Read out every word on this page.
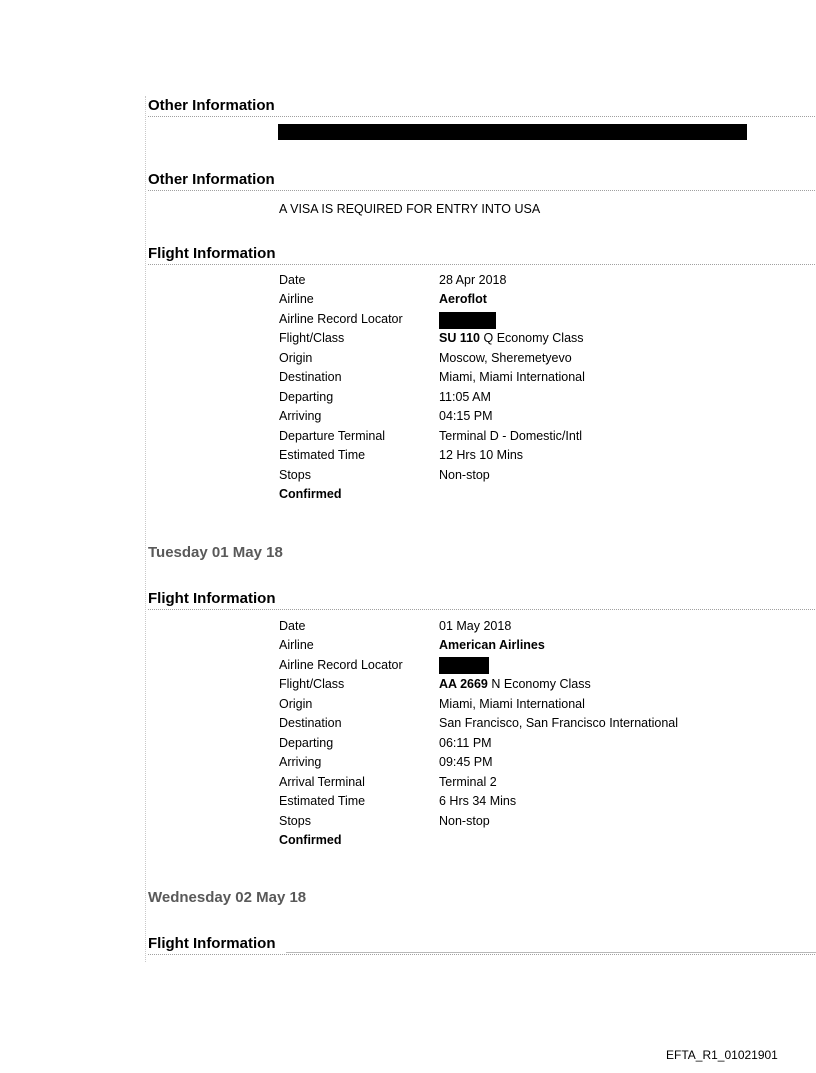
Other Information
Other Information
A VISA IS REQUIRED FOR ENTRY INTO USA
Flight Information
Date	28 Apr 2018
Airline	Aeroflot
Airline Record Locator
Flight/Class	SU 110 Q Economy Class
Origin	Moscow, Sheremetyevo
Destination	Miami, Miami International
Departing	11:05 AM
Arriving	04:15 PM
Departure Terminal	Terminal D - Domestic/Intl
Estimated Time	12 Hrs 10 Mins
Stops	Non-stop
Confirmed
Tuesday 01 May 18
Flight Information
Date	01 May 2018
Airline	American Airlines
Airline Record Locator
Flight/Class	AA 2669 N Economy Class
Origin	Miami, Miami International
Destination	San Francisco, San Francisco International
Departing	06:11 PM
Arriving	09:45 PM
Arrival Terminal	Terminal 2
Estimated Time	6 Hrs 34 Mins
Stops	Non-stop
Confirmed
Wednesday 02 May 18
Flight Information
EFTA_R1_01021901
